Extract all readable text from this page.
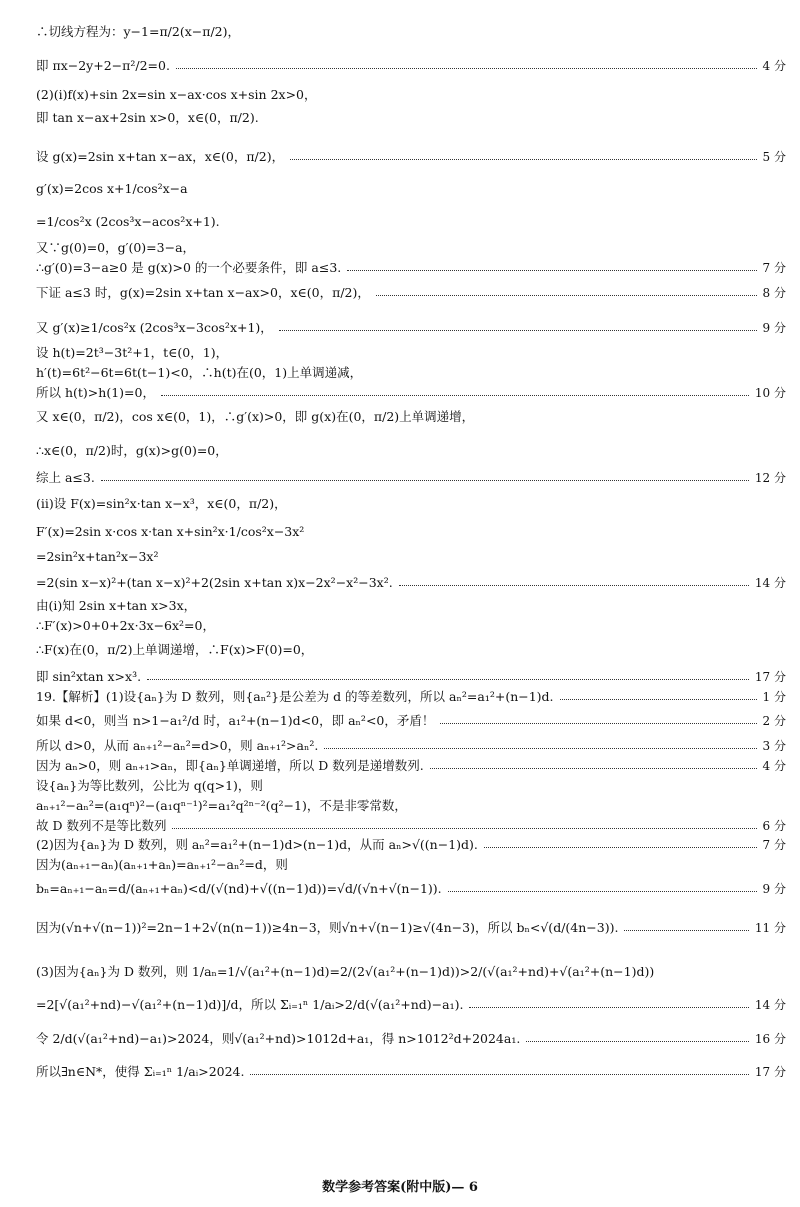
∴切线方程为：y−1=π/2(x−π/2)，
即 πx−2y+2−π²/2=0.	4 分
(2)(ⅰ)f(x)+sin 2x=sin x−ax·cos x+sin 2x>0，
即 tan x−ax+2sin x>0，x∈(0，π/2).
设 g(x)=2sin x+tan x−ax，x∈(0，π/2)，	5 分
g′(x)=2cos x+1/cos²x−a
=1/cos²x (2cos³x−acos²x+1).
又∵g(0)=0，g′(0)=3−a，
∴g′(0)=3−a≥0 是 g(x)>0 的一个必要条件，即 a≤3.	7 分
下证 a≤3 时，g(x)=2sin x+tan x−ax>0，x∈(0，π/2)，	8 分
又 g′(x)≥1/cos²x (2cos³x−3cos²x+1)，	9 分
设 h(t)=2t³−3t²+1，t∈(0，1)，
h′(t)=6t²−6t=6t(t−1)<0，∴h(t)在(0，1)上单调递减，
所以 h(t)>h(1)=0，	10 分
又 x∈(0，π/2)，cos x∈(0，1)，∴g′(x)>0，即 g(x)在(0，π/2)上单调递增，
∴x∈(0，π/2)时，g(x)>g(0)=0，
综上 a≤3.	12 分
(ⅱ)设 F(x)=sin²x·tan x−x³，x∈(0，π/2)，
F′(x)=2sin x·cos x·tan x+sin²x·1/cos²x−3x²
=2sin²x+tan²x−3x²
=2(sin x−x)²+(tan x−x)²+2(2sin x+tan x)x−2x²−x²−3x².	14 分
由(ⅰ)知 2sin x+tan x>3x，
∴F′(x)>0+0+2x·3x−6x²=0，
∴F(x)在(0，π/2)上单调递增，∴F(x)>F(0)=0，
即 sin²xtan x>x³.	17 分
19.【解析】(1)设{aₙ}为 D 数列，则{aₙ²}是公差为 d 的等差数列，所以 aₙ²=a₁²+(n−1)d.	1 分
如果 d<0，则当 n>1−a₁²/d 时，a₁²+(n−1)d<0，即 aₙ²<0，矛盾！	2 分
所以 d>0，从而 aₙ₊₁²−aₙ²=d>0，则 aₙ₊₁²>aₙ².	3 分
因为 aₙ>0，则 aₙ₊₁>aₙ，即{aₙ}单调递增，所以 D 数列是递增数列.	4 分
设{aₙ}为等比数列，公比为 q(q>1)，则
aₙ₊₁²−aₙ²=(a₁qⁿ)²−(a₁qⁿ⁻¹)²=a₁²q²ⁿ⁻²(q²−1)，不是非零常数，
故 D 数列不是等比数列	6 分
(2)因为{aₙ}为 D 数列，则 aₙ²=a₁²+(n−1)d>(n−1)d，从而 aₙ>√((n−1)d).	7 分
因为(aₙ₊₁−aₙ)(aₙ₊₁+aₙ)=aₙ₊₁²−aₙ²=d，则
bₙ=aₙ₊₁−aₙ=d/(aₙ₊₁+aₙ)<d/(√(nd)+√((n−1)d))=√d/(√n+√(n−1)).	9 分
因为(√n+√(n−1))²=2n−1+2√(n(n−1))≥4n−3，则√n+√(n−1)≥√(4n−3)，所以 bₙ<√(d/(4n−3)).	11 分
(3)因为{aₙ}为 D 数列，则 1/aₙ=1/√(a₁²+(n−1)d)=2/(2√(a₁²+(n−1)d))>2/(√(a₁²+nd)+√(a₁²+(n−1)d))
=2[√(a₁²+nd)−√(a₁²+(n−1)d)]/d，所以 Σᵢ₌₁ⁿ 1/aᵢ>2/d(√(a₁²+nd)−a₁).	14 分
令 2/d(√(a₁²+nd)−a₁)>2024，则√(a₁²+nd)>1012d+a₁，得 n>1012²d+2024a₁.	16 分
所以∃n∈N*，使得 Σᵢ₌₁ⁿ 1/aᵢ>2024.	17 分
数学参考答案(附中版)— 6
